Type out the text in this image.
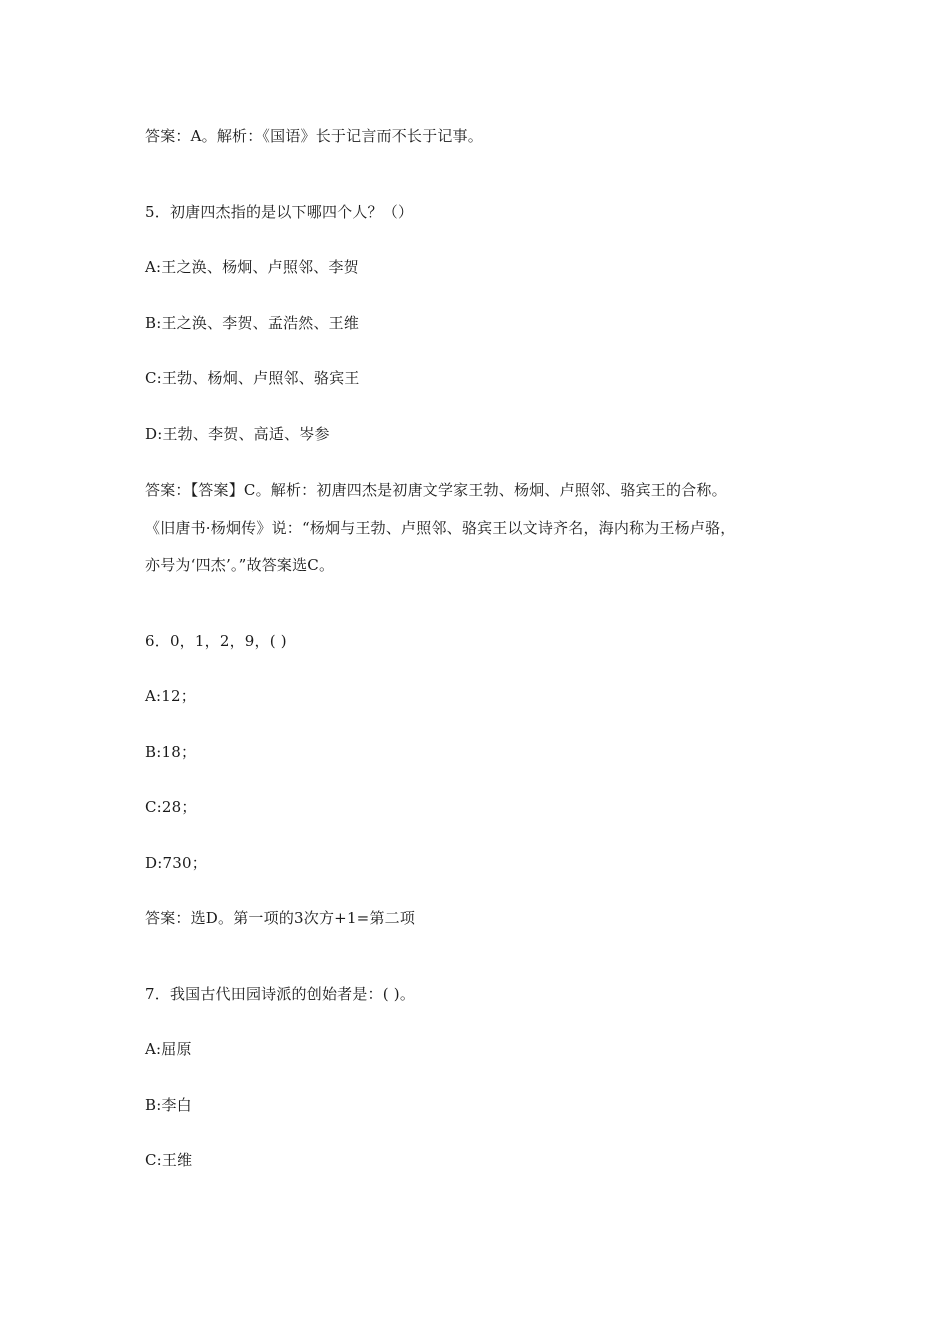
答案：A。解析：《国语》长于记言而不长于记事。
5．初唐四杰指的是以下哪四个人？（）
A:王之涣、杨炯、卢照邻、李贺
B:王之涣、李贺、孟浩然、王维
C:王勃、杨炯、卢照邻、骆宾王
D:王勃、李贺、高适、岑参
答案：【答案】C。解析：初唐四杰是初唐文学家王勃、杨炯、卢照邻、骆宾王的合称。
《旧唐书·杨炯传》说：“杨炯与王勃、卢照邻、骆宾王以文诗齐名，海内称为王杨卢骆，
亦号为‘四杰’。”故答案选C。
6．0，1，2，9，( )
A:12；
B:18；
C:28；
D:730；
答案：选D。第一项的3次方+1=第二项
7．我国古代田园诗派的创始者是：( )。
A:屈原
B:李白
C:王维
